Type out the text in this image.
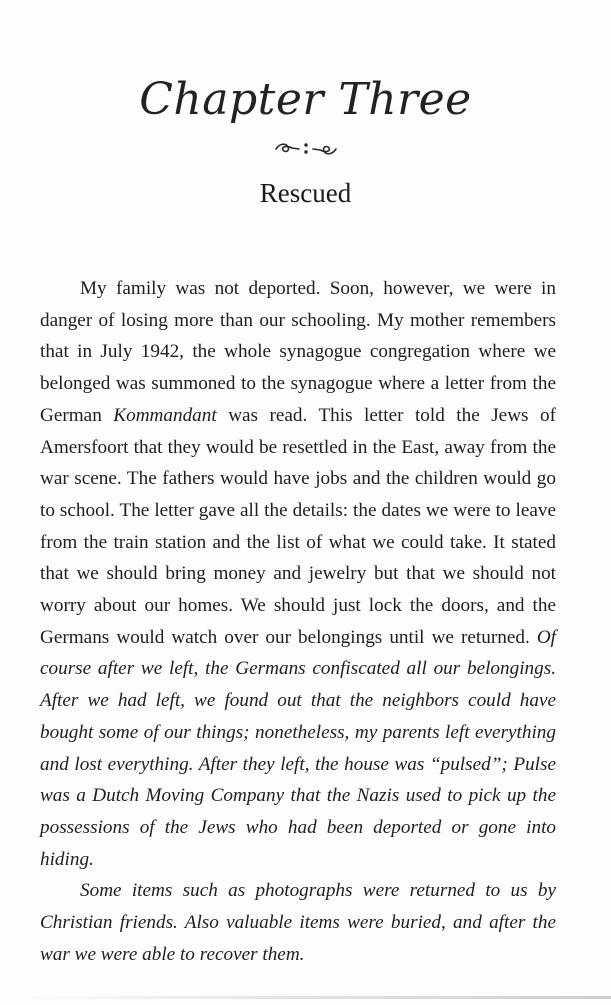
Chapter Three
Rescued

My family was not deported. Soon, however, we were in danger of losing more than our schooling. My mother remembers that in July 1942, the whole synagogue congregation where we belonged was summoned to the synagogue where a letter from the German Kommandant was read. This letter told the Jews of Amersfoort that they would be resettled in the East, away from the war scene. The fathers would have jobs and the children would go to school. The letter gave all the details: the dates we were to leave from the train station and the list of what we could take. It stated that we should bring money and jewelry but that we should not worry about our homes. We should just lock the doors, and the Germans would watch over our belongings until we returned. Of course after we left, the Germans confiscated all our belongings. After we had left, we found out that the neighbors could have bought some of our things; nonetheless, my parents left everything and lost everything. After they left, the house was “pulsed”; Pulse was a Dutch Moving Company that the Nazis used to pick up the possessions of the Jews who had been deported or gone into hiding.

Some items such as photographs were returned to us by Christian friends. Also valuable items were buried, and after the war we were able to recover them.
